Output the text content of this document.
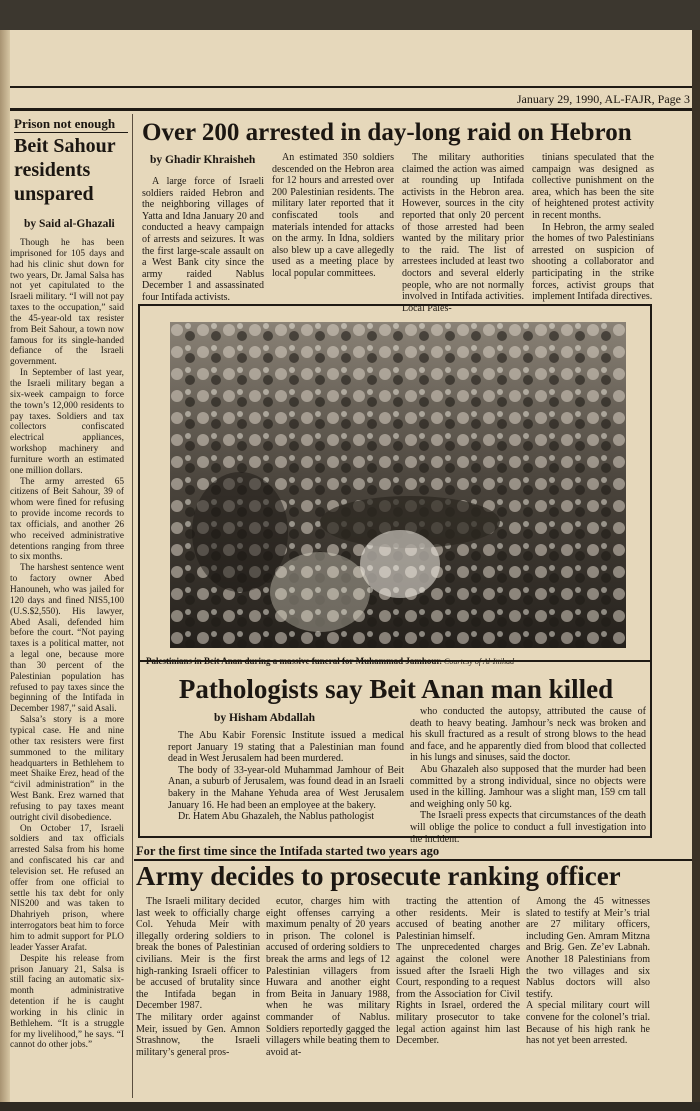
January 29, 1990, AL-FAJR, Page 3
Prison not enough
Beit Sahour residents unspared
by Said al-Ghazali

Though he has been imprisoned for 105 days and had his clinic shut down for two years, Dr. Jamal Salsa has not yet capitulated to the Israeli military. “I will not pay taxes to the occupation,” said the 45-year-old tax resister from Beit Sahour, a town now famous for its single-handed defiance of the Israeli government.

In September of last year, the Israeli military began a six-week campaign to force the town’s 12,000 residents to pay taxes. Soldiers and tax collectors confiscated electrical appliances, workshop machinery and furniture worth an estimated one million dollars.

The army arrested 65 citizens of Beit Sahour, 39 of whom were fined for refusing to provide income records to tax officials, and another 26 who received administrative detentions ranging from three to six months.

The harshest sentence went to factory owner Abed Hanouneh, who was jailed for 120 days and fined NIS5,100 (U.S.$2,550). His lawyer, Abed Asali, defended him before the court. “Not paying taxes is a political matter, not a legal one, because more than 30 percent of the Palestinian population has refused to pay taxes since the beginning of the Intifada in December 1987,” said Asali.

Salsa’s story is a more typical case. He and nine other tax resisters were first summoned to the military headquarters in Bethlehem to meet Shaike Erez, head of the “civil administration” in the West Bank. Erez warned that refusing to pay taxes meant outright civil disobedience.

On October 17, Israeli soldiers and tax officials arrested Salsa from his home and confiscated his car and television set. He refused an offer from one official to settle his tax debt for only NIS200 and was taken to Dhahriyeh prison, where interrogators beat him to force him to admit support for PLO leader Yasser Arafat.

Despite his release from prison January 21, Salsa is still facing an automatic six-month administrative detention if he is caught working in his clinic in Bethlehem. “It is a struggle for my livelihood,” he says. “I cannot do other jobs.”

Over 200 arrested in day-long raid on Hebron
by Ghadir Khraisheh

A large force of Israeli soldiers raided Hebron and the neighboring villages of Yatta and Idna January 20 and conducted a heavy campaign of arrests and seizures. It was the first large-scale assault on a West Bank city since the army raided Nablus December 1 and assassinated four Intifada activists.

An estimated 350 soldiers descended on the Hebron area for 12 hours and arrested over 200 Palestinian residents. The military later reported that it confiscated tools and materials intended for attacks on the army. In Idna, soldiers also blew up a cave allegedly used as a meeting place by local popular committees.

The military authorities claimed the action was aimed at rounding up Intifada activists in the Hebron area. However, sources in the city reported that only 20 percent of those arrested had been wanted by the military prior to the raid. The list of arrestees included at least two doctors and several elderly people, who are not normally involved in Intifada activities. Local Pales-

tinians speculated that the campaign was designed as collective punishment on the area, which has been the site of heightened protest activity in recent months.

In Hebron, the army sealed the homes of two Palestinians arrested on suspicion of shooting a collaborator and participating in the strike forces, activist groups that implement Intifada directives.

Palestinians in Beit Anan during a massive funeral for Muhammad Jamhour. Courtesy of Al-Ittihad
Pathologists say Beit Anan man killed
by Hisham Abdallah

The Abu Kabir Forensic Institute issued a medical report January 19 stating that a Palestinian man found dead in West Jerusalem had been murdered.

The body of 33-year-old Muhammad Jamhour of Beit Anan, a suburb of Jerusalem, was found dead in an Israeli bakery in the Mahane Yehuda area of West Jerusalem January 16. He had been an employee at the bakery.

Dr. Hatem Abu Ghazaleh, the Nablus pathologist

who conducted the autopsy, attributed the cause of death to heavy beating. Jamhour’s neck was broken and his skull fractured as a result of strong blows to the head and face, and he apparently died from blood that collected in his lungs and sinuses, said the doctor.

Abu Ghazaleh also supposed that the murder had been committed by a strong individual, since no objects were used in the killing. Jamhour was a slight man, 159 cm tall and weighing only 50 kg.

The Israeli press expects that circumstances of the death will oblige the police to conduct a full investigation into the incident.

For the first time since the Intifada started two years ago
Army decides to prosecute ranking officer

The Israeli military decided last week to officially charge Col. Yehuda Meir with illegally ordering soldiers to break the bones of Palestinian civilians. Meir is the first high-ranking Israeli officer to be accused of brutality since the Intifada began in December 1987.
The military order against Meir, issued by Gen. Amnon Strashnow, the Israeli military’s general pros-

ecutor, charges him with eight offenses carrying a maximum penalty of 20 years in prison. The colonel is accused of ordering soldiers to break the arms and legs of 12 Palestinian villagers from Huwara and another eight from Beita in January 1988, when he was military commander of Nablus. Soldiers reportedly gagged the villagers while beating them to avoid at-

tracting the attention of other residents. Meir is accused of beating another Palestinian himself.
The unprecedented charges against the colonel were issued after the Israeli High Court, responding to a request from the Association for Civil Rights in Israel, ordered the military prosecutor to take legal action against him last December.

Among the 45 witnesses slated to testify at Meir’s trial are 27 military officers, including Gen. Amram Mitzna and Brig. Gen. Ze’ev Labnah. Another 18 Palestinians from the two villages and six Nablus doctors will also testify.
A special military court will convene for the colonel’s trial. Because of his high rank he has not yet been arrested.
